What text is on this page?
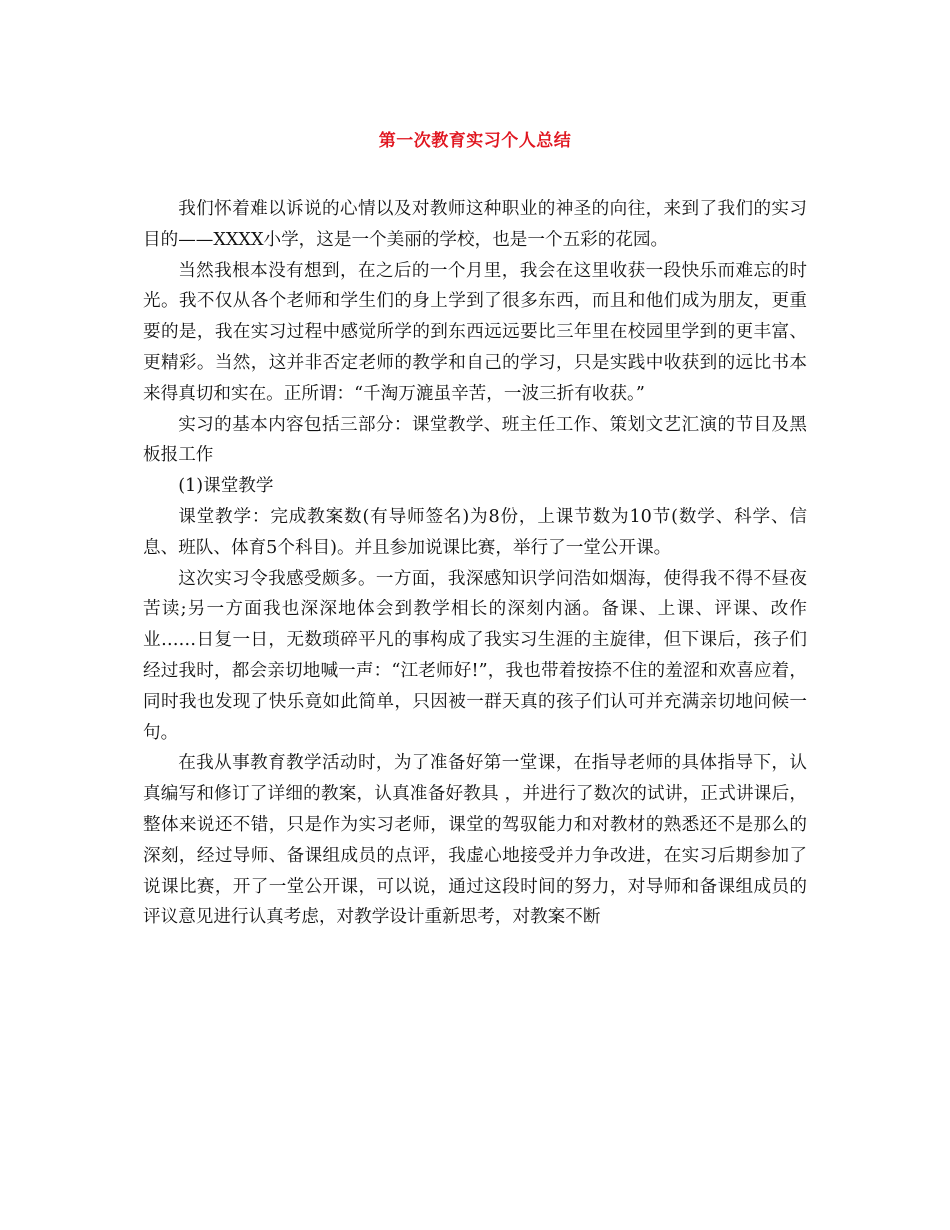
第一次教育实习个人总结

我们怀着难以诉说的心情以及对教师这种职业的神圣的向往，来到了我们的实习目的——XXXX小学，这是一个美丽的学校，也是一个五彩的花园。

当然我根本没有想到，在之后的一个月里，我会在这里收获一段快乐而难忘的时光。我不仅从各个老师和学生们的身上学到了很多东西，而且和他们成为朋友，更重要的是，我在实习过程中感觉所学的到东西远远要比三年里在校园里学到的更丰富、更精彩。当然，这并非否定老师的教学和自己的学习，只是实践中收获到的远比书本来得真切和实在。正所谓：“千淘万漉虽辛苦，一波三折有收获。”

实习的基本内容包括三部分：课堂教学、班主任工作、策划文艺汇演的节目及黑板报工作

(1)课堂教学

课堂教学：完成教案数(有导师签名)为8份，上课节数为10节(数学、科学、信息、班队、体育5个科目)。并且参加说课比赛，举行了一堂公开课。

这次实习令我感受颇多。一方面，我深感知识学问浩如烟海，使得我不得不昼夜苦读;另一方面我也深深地体会到教学相长的深刻内涵。备课、上课、评课、改作业……日复一日，无数琐碎平凡的事构成了我实习生涯的主旋律，但下课后，孩子们经过我时，都会亲切地喊一声：“江老师好!”，我也带着按捺不住的羞涩和欢喜应着，同时我也发现了快乐竟如此简单，只因被一群天真的孩子们认可并充满亲切地问候一句。

在我从事教育教学活动时，为了准备好第一堂课，在指导老师的具体指导下，认真编写和修订了详细的教案，认真准备好教具 ，并进行了数次的试讲，正式讲课后，整体来说还不错，只是作为实习老师，课堂的驾驭能力和对教材的熟悉还不是那么的深刻，经过导师、备课组成员的点评，我虚心地接受并力争改进，在实习后期参加了说课比赛，开了一堂公开课，可以说，通过这段时间的努力，对导师和备课组成员的评议意见进行认真考虑，对教学设计重新思考，对教案不断
